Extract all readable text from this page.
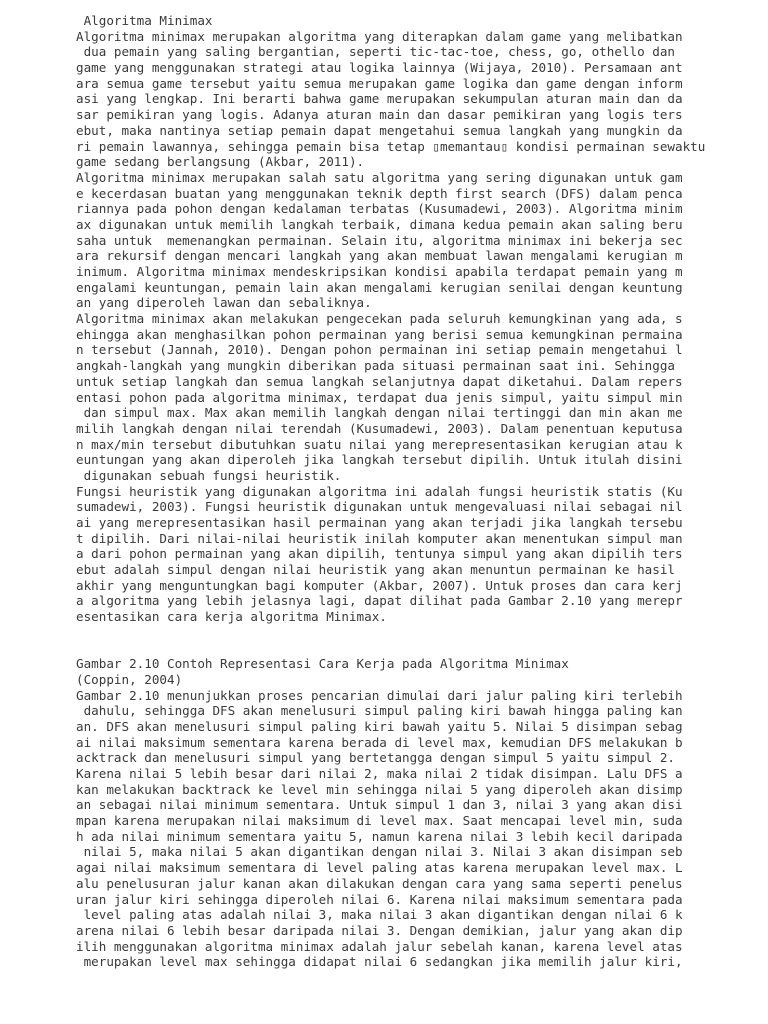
Algoritma Minimax
Algoritma minimax merupakan algoritma yang diterapkan dalam game yang melibatkan
dua pemain yang saling bergantian, seperti tic-tac-toe, chess, go, othello dan
game yang menggunakan strategi atau logika lainnya (Wijaya, 2010). Persamaan ant
ara semua game tersebut yaitu semua merupakan game logika dan game dengan inform
asi yang lengkap. Ini berarti bahwa game merupakan sekumpulan aturan main dan da
sar pemikiran yang logis. Adanya aturan main dan dasar pemikiran yang logis ters
ebut, maka nantinya setiap pemain dapat mengetahui semua langkah yang mungkin da
ri pemain lawannya, sehingga pemain bisa tetap ▯memantau▯ kondisi permainan sewaktu
game sedang berlangsung (Akbar, 2011).
Algoritma minimax merupakan salah satu algoritma yang sering digunakan untuk gam
e kecerdasan buatan yang menggunakan teknik depth first search (DFS) dalam penca
riannya pada pohon dengan kedalaman terbatas (Kusumadewi, 2003). Algoritma minim
ax digunakan untuk memilih langkah terbaik, dimana kedua pemain akan saling beru
saha untuk  memenangkan permainan. Selain itu, algoritma minimax ini bekerja sec
ara rekursif dengan mencari langkah yang akan membuat lawan mengalami kerugian m
inimum. Algoritma minimax mendeskripsikan kondisi apabila terdapat pemain yang m
engalami keuntungan, pemain lain akan mengalami kerugian senilai dengan keuntung
an yang diperoleh lawan dan sebaliknya.
Algoritma minimax akan melakukan pengecekan pada seluruh kemungkinan yang ada, s
ehingga akan menghasilkan pohon permainan yang berisi semua kemungkinan permaina
n tersebut (Jannah, 2010). Dengan pohon permainan ini setiap pemain mengetahui l
angkah-langkah yang mungkin diberikan pada situasi permainan saat ini. Sehingga
untuk setiap langkah dan semua langkah selanjutnya dapat diketahui. Dalam repers
entasi pohon pada algoritma minimax, terdapat dua jenis simpul, yaitu simpul min
dan simpul max. Max akan memilih langkah dengan nilai tertinggi dan min akan me
milih langkah dengan nilai terendah (Kusumadewi, 2003). Dalam penentuan keputusa
n max/min tersebut dibutuhkan suatu nilai yang merepresentasikan kerugian atau k
euntungan yang akan diperoleh jika langkah tersebut dipilih. Untuk itulah disini
digunakan sebuah fungsi heuristik.
Fungsi heuristik yang digunakan algoritma ini adalah fungsi heuristik statis (Ku
sumadewi, 2003). Fungsi heuristik digunakan untuk mengevaluasi nilai sebagai nil
ai yang merepresentasikan hasil permainan yang akan terjadi jika langkah tersebu
t dipilih. Dari nilai-nilai heuristik inilah komputer akan menentukan simpul man
a dari pohon permainan yang akan dipilih, tentunya simpul yang akan dipilih ters
ebut adalah simpul dengan nilai heuristik yang akan menuntun permainan ke hasil
akhir yang menguntungkan bagi komputer (Akbar, 2007). Untuk proses dan cara kerj
a algoritma yang lebih jelasnya lagi, dapat dilihat pada Gambar 2.10 yang merepr
esentasikan cara kerja algoritma Minimax.
Gambar 2.10 Contoh Representasi Cara Kerja pada Algoritma Minimax
(Coppin, 2004)
Gambar 2.10 menunjukkan proses pencarian dimulai dari jalur paling kiri terlebih
dahulu, sehingga DFS akan menelusuri simpul paling kiri bawah hingga paling kan
an. DFS akan menelusuri simpul paling kiri bawah yaitu 5. Nilai 5 disimpan sebag
ai nilai maksimum sementara karena berada di level max, kemudian DFS melakukan b
acktrack dan menelusuri simpul yang bertetangga dengan simpul 5 yaitu simpul 2.
Karena nilai 5 lebih besar dari nilai 2, maka nilai 2 tidak disimpan. Lalu DFS a
kan melakukan backtrack ke level min sehingga nilai 5 yang diperoleh akan disimp
an sebagai nilai minimum sementara. Untuk simpul 1 dan 3, nilai 3 yang akan disi
mpan karena merupakan nilai maksimum di level max. Saat mencapai level min, suda
h ada nilai minimum sementara yaitu 5, namun karena nilai 3 lebih kecil daripada
nilai 5, maka nilai 5 akan digantikan dengan nilai 3. Nilai 3 akan disimpan seb
agai nilai maksimum sementara di level paling atas karena merupakan level max. L
alu penelusuran jalur kanan akan dilakukan dengan cara yang sama seperti penelus
uran jalur kiri sehingga diperoleh nilai 6. Karena nilai maksimum sementara pada
level paling atas adalah nilai 3, maka nilai 3 akan digantikan dengan nilai 6 k
arena nilai 6 lebih besar daripada nilai 3. Dengan demikian, jalur yang akan dip
ilih menggunakan algoritma minimax adalah jalur sebelah kanan, karena level atas
merupakan level max sehingga didapat nilai 6 sedangkan jika memilih jalur kiri,
